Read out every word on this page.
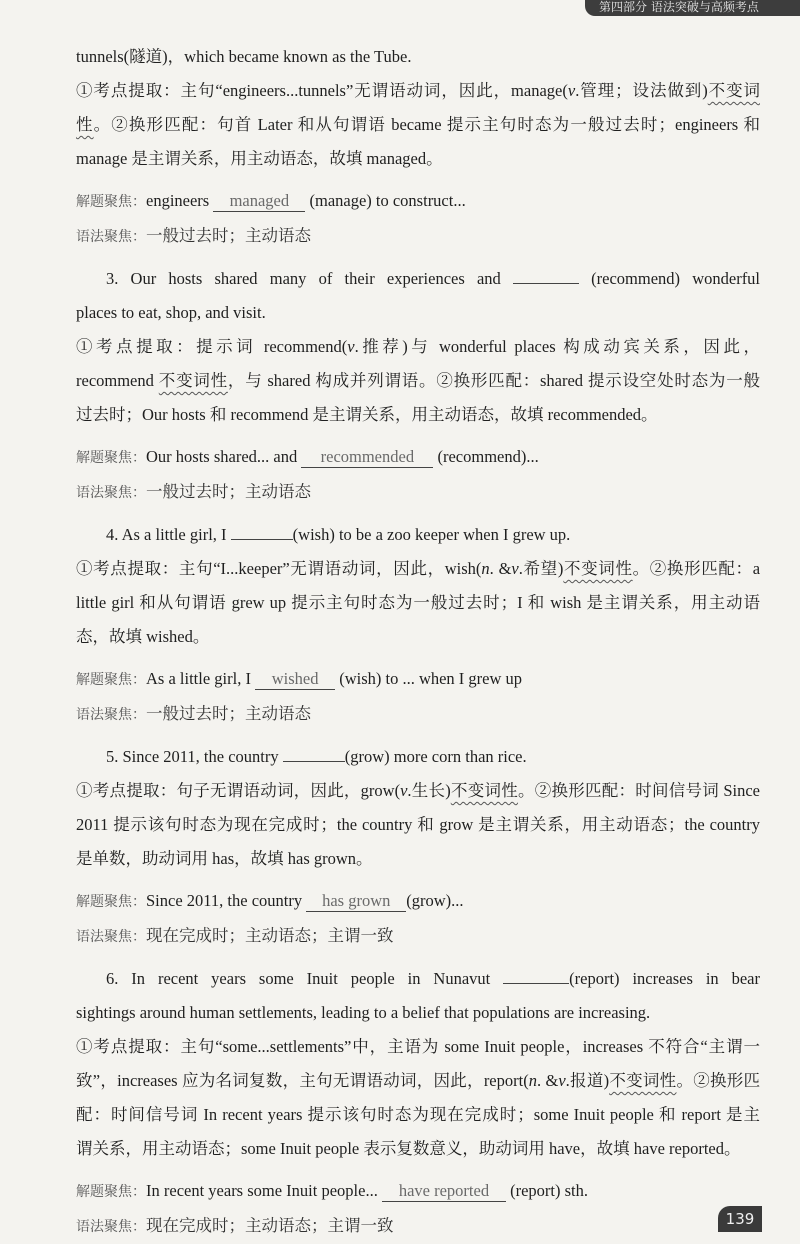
第四部分 语法突破与高频考点
tunnels(隧道)，which became known as the Tube.
①考点提取：主句“engineers...tunnels”无谓语动词，因此，manage(v.管理；设法做到)不变词
性。②换形匹配：句首 Later 和从句谓语 became 提示主句时态为一般过去时；engineers 和
manage 是主谓关系，用主动语态，故填 managed。
解题聚焦：engineers managed (manage) to construct...
语法聚焦：一般过去时；主动语态
3. Our hosts shared many of their experiences and	(recommend) wonderful
places to eat, shop, and visit.
①考点提取：提示词 recommend(v.推荐)与 wonderful places 构成动宾关系，因此，
recommend 不变词性，与 shared 构成并列谓语。②换形匹配：shared 提示设空处时态为一般
过去时；Our hosts 和 recommend 是主谓关系，用主动语态，故填 recommended。
解题聚焦：Our hosts shared... and recommended (recommend)...
语法聚焦：一般过去时；主动语态
4. As a little girl, I	(wish) to be a zoo keeper when I grew up.
①考点提取：主句“I...keeper”无谓语动词，因此，wish(n. &v.希望)不变词性。②换形匹配：a
little girl 和从句谓语 grew up 提示主句时态为一般过去时；I 和 wish 是主谓关系，用主动语
态，故填 wished。
解题聚焦：As a little girl, I wished (wish) to ... when I grew up
语法聚焦：一般过去时；主动语态
5. Since 2011, the country	(grow) more corn than rice.
①考点提取：句子无谓语动词，因此，grow(v.生长)不变词性。②换形匹配：时间信号词 Since
2011 提示该句时态为现在完成时；the country 和 grow 是主谓关系，用主动语态；the country
是单数，助动词用 has，故填 has grown。
解题聚焦：Since 2011, the country has grown (grow)...
语法聚焦：现在完成时；主动语态；主谓一致
6. In recent years some Inuit people in Nunavut	(report) increases in bear
sightings around human settlements, leading to a belief that populations are increasing.
①考点提取：主句“some...settlements”中，主语为 some Inuit people，increases 不符合“主谓一
致”，increases 应为名词复数，主句无谓语动词，因此，report(n. &v.报道)不变词性。②换形匹
配：时间信号词 In recent years 提示该句时态为现在完成时；some Inuit people 和 report 是主
谓关系，用主动语态；some Inuit people 表示复数意义，助动词用 have，故填 have reported。
解题聚焦：In recent years some Inuit people... have reported (report) sth.
语法聚焦：现在完成时；主动语态；主谓一致	139
